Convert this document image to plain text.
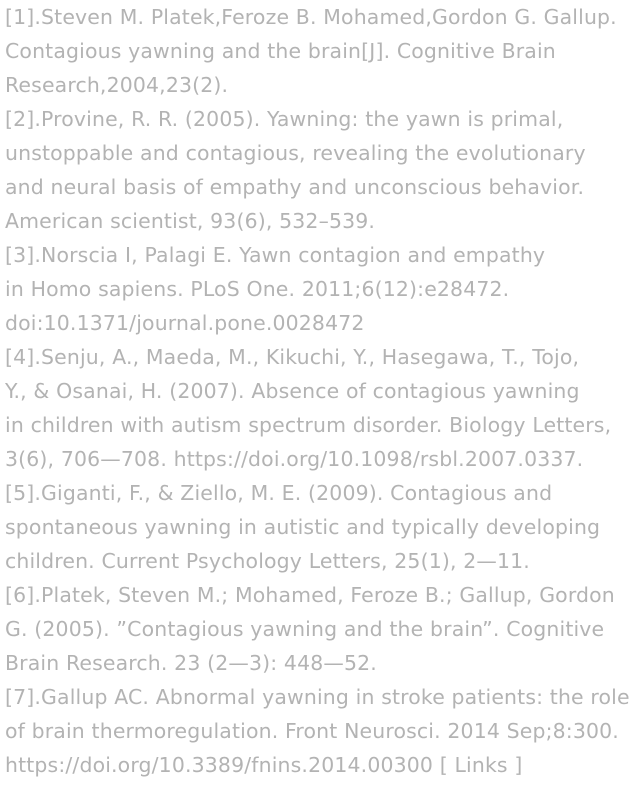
[1].Steven M. Platek,Feroze B. Mohamed,Gordon G. Gallup.
Contagious yawning and the brain[J]. Cognitive Brain
Research,2004,23(2).
[2].Provine, R. R. (2005). Yawning: the yawn is primal,
unstoppable and contagious, revealing the evolutionary
and neural basis of empathy and unconscious behavior.
American scientist, 93(6), 532–539.
[3].Norscia I, Palagi E. Yawn contagion and empathy
in Homo sapiens. PLoS One. 2011;6(12):e28472.
doi:10.1371/journal.pone.0028472
[4].Senju, A., Maeda, M., Kikuchi, Y., Hasegawa, T., Tojo,
Y., & Osanai, H. (2007). Absence of contagious yawning
in children with autism spectrum disorder. Biology Letters,
3(6), 706—708. https://doi.org/10.1098/rsbl.2007.0337.
[5].Giganti, F., & Ziello, M. E. (2009). Contagious and
spontaneous yawning in autistic and typically developing
children. Current Psychology Letters, 25(1), 2—11.
[6].Platek, Steven M.; Mohamed, Feroze B.; Gallup, Gordon
G. (2005). ”Contagious yawning and the brain”. Cognitive
Brain Research. 23 (2—3): 448—52.
[7].Gallup AC. Abnormal yawning in stroke patients: the role
of brain thermoregulation. Front Neurosci. 2014 Sep;8:300.
https://doi.org/10.3389/fnins.2014.00300 [ Links ]
